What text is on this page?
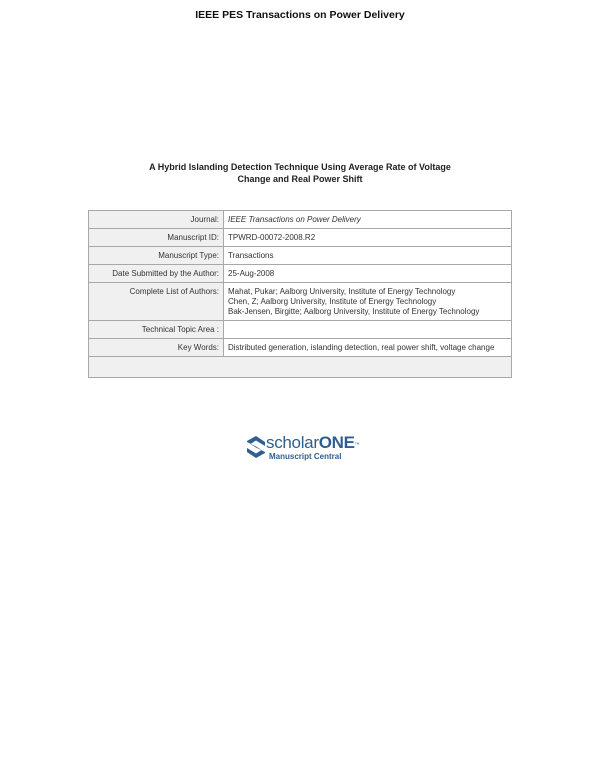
IEEE PES Transactions on Power Delivery
A Hybrid Islanding Detection Technique Using Average Rate of Voltage
Change and Real Power Shift
Journal:	IEEE Transactions on Power Delivery
Manuscript ID:	TPWRD-00072-2008.R2
Manuscript Type:	Transactions
Date Submitted by the Author:	25-Aug-2008
Complete List of Authors:	Mahat, Pukar; Aalborg University, Institute of Energy Technology
Chen, Z; Aalborg University, Institute of Energy Technology
Bak-Jensen, Birgitte; Aalborg University, Institute of Energy Technology

Technical Topic Area :	
Key Words:	Distributed generation, islanding detection, real power shift, voltage change

scholarONE™
Manuscript Central
